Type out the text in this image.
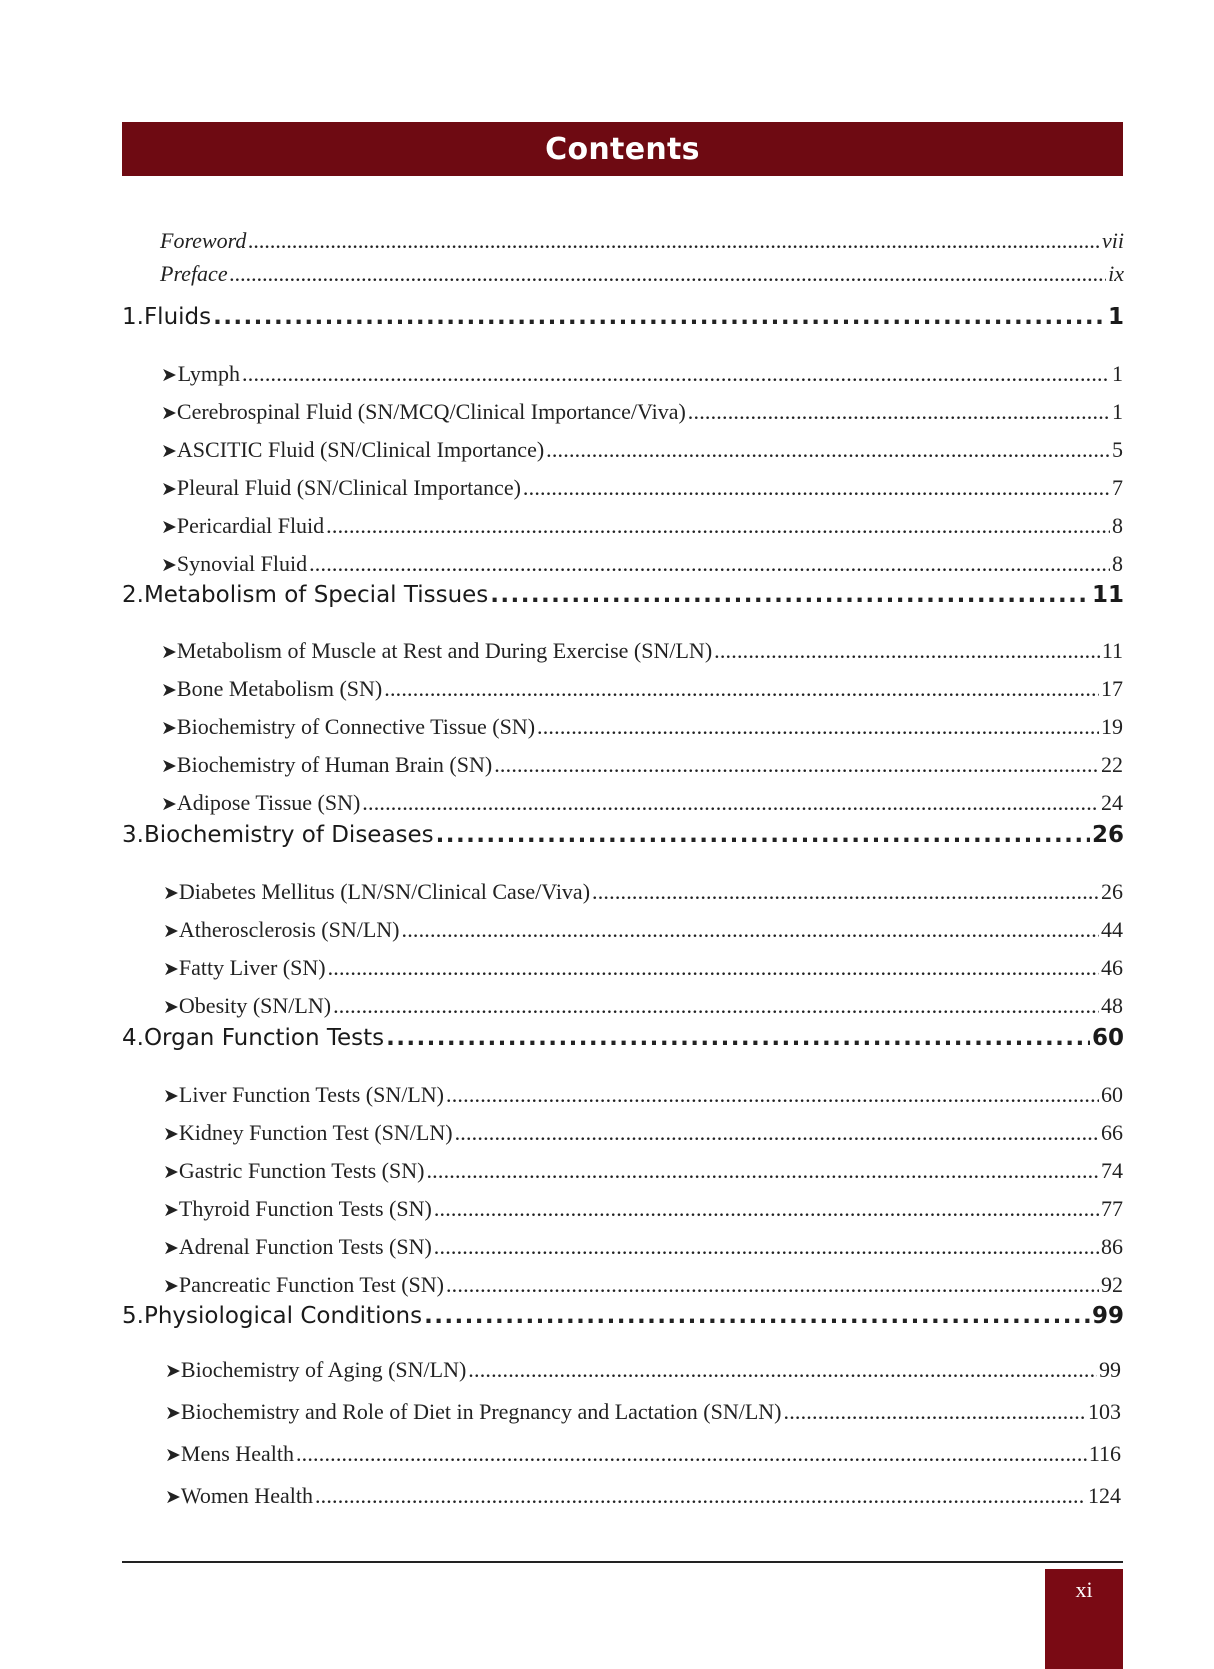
Contents
Foreword .....	vii
Preface .....	ix
1. Fluids .....	1
➤ Lymph .....	1
➤ Cerebrospinal Fluid (SN/MCQ/Clinical Importance/Viva) .....	1
➤ ASCITIC Fluid (SN/Clinical Importance) .....	5
➤ Pleural Fluid (SN/Clinical Importance) .....	7
➤ Pericardial Fluid .....	8
➤ Synovial Fluid .....	8
2. Metabolism of Special Tissues .....	11
➤ Metabolism of Muscle at Rest and During Exercise (SN/LN) .....	11
➤ Bone Metabolism (SN) .....	17
➤ Biochemistry of Connective Tissue (SN) .....	19
➤ Biochemistry of Human Brain (SN) .....	22
➤ Adipose Tissue (SN) .....	24
3. Biochemistry of Diseases .....	26
➤ Diabetes Mellitus (LN/SN/Clinical Case/Viva) .....	26
➤ Atherosclerosis (SN/LN) .....	44
➤ Fatty Liver (SN) .....	46
➤ Obesity (SN/LN) .....	48
4. Organ Function Tests .....	60
➤ Liver Function Tests (SN/LN) .....	60
➤ Kidney Function Test (SN/LN) .....	66
➤ Gastric Function Tests (SN) .....	74
➤ Thyroid Function Tests (SN) .....	77
➤ Adrenal Function Tests (SN) .....	86
➤ Pancreatic Function Test (SN) .....	92
5. Physiological Conditions .....	99
➤ Biochemistry of Aging (SN/LN) .....	99
➤ Biochemistry and Role of Diet in Pregnancy and Lactation (SN/LN) .....	103
➤ Mens Health .....	116
➤ Women Health .....	124
xi
